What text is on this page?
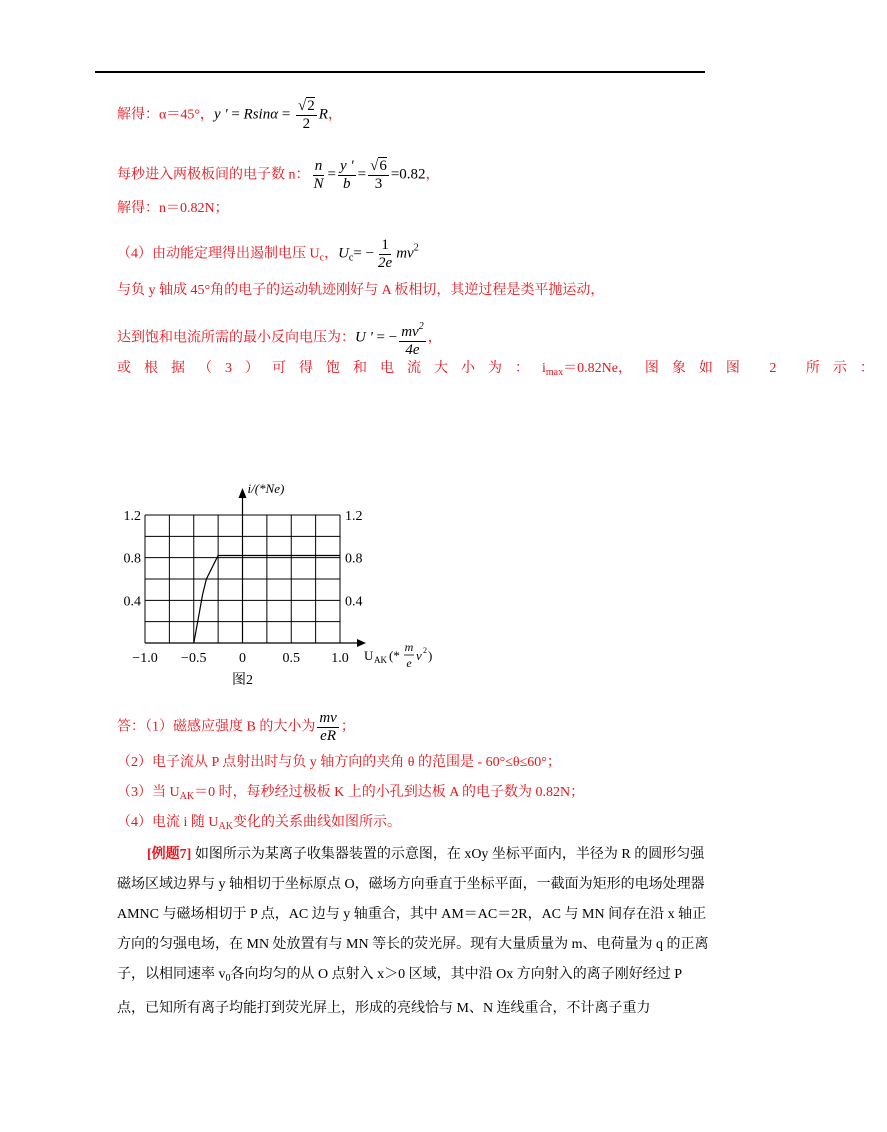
解得：α＝45°，y ' = $Rsin\alpha = \frac{√2}{2}$ R，
每秒进入两极板间的电子数 n： $\frac{n}{N} = \frac{y '}{b} = \frac{√6}{3} =0.82$，
解得：n＝0.82N；
（4）由动能定理得出遏制电压 $U_c$，$U_c= - \frac{1}{2e} mv^2$
与负 y 轴成 45°角的电子的运动轨迹刚好与 A 板相切，其逆过程是类平抛运动，
达到饱和电流所需的最小反向电压为：U ' = − $\frac{mv^2}{4e}$ ，
或根据（3）可得饱和电流大小为：$i_{max}=0.82Ne$，图象如图 2 所示：
i/(*Ne)
0.4	0.4
0.8	0.8
1.2	1.2
−1.0 −0.5 0	0.5 1.0 U AK (*
m
e v 2 )
图2
答：（1）磁感应强度 B 的大小为 $\frac{mv}{eR}$ ；
（2）电子流从 P 点射出时与负 y 轴方向的夹角 θ 的范围是 - 60°≤θ≤60°；
（3）当 $U_{AK}=0$ 时，每秒经过极板 K 上的小孔到达板 A 的电子数为 0.82N；
（4）电流 i 随 $U_{AK}$变化的关系曲线如图所示。
[例题7] 如图所示为某离子收集器装置的示意图，在 xOy 坐标平面内，半径为 R 的圆形匀强磁场区域边界与 y 轴相切于坐标原点 O，磁场方向垂直于坐标平面，一截面为矩形的电场处理器 AMNC 与磁场相切于 P 点，AC 边与 y 轴重合，其中 AM＝AC＝2R，AC 与 MN 间存在沿 x 轴正方向的匀强电场，在 MN 处放置有与 MN 等长的荧光屏。现有大量质量为 m、电荷量为 q 的正离子，以相同速率 $v_0$各向均匀的从 O 点射入 x＞0 区域，其中沿 Ox 方向射入的离子刚好经过 P 点，已知所有离子均能打到荧光屏上，形成的亮线恰与 M、N 连线重合，不计离子重力
